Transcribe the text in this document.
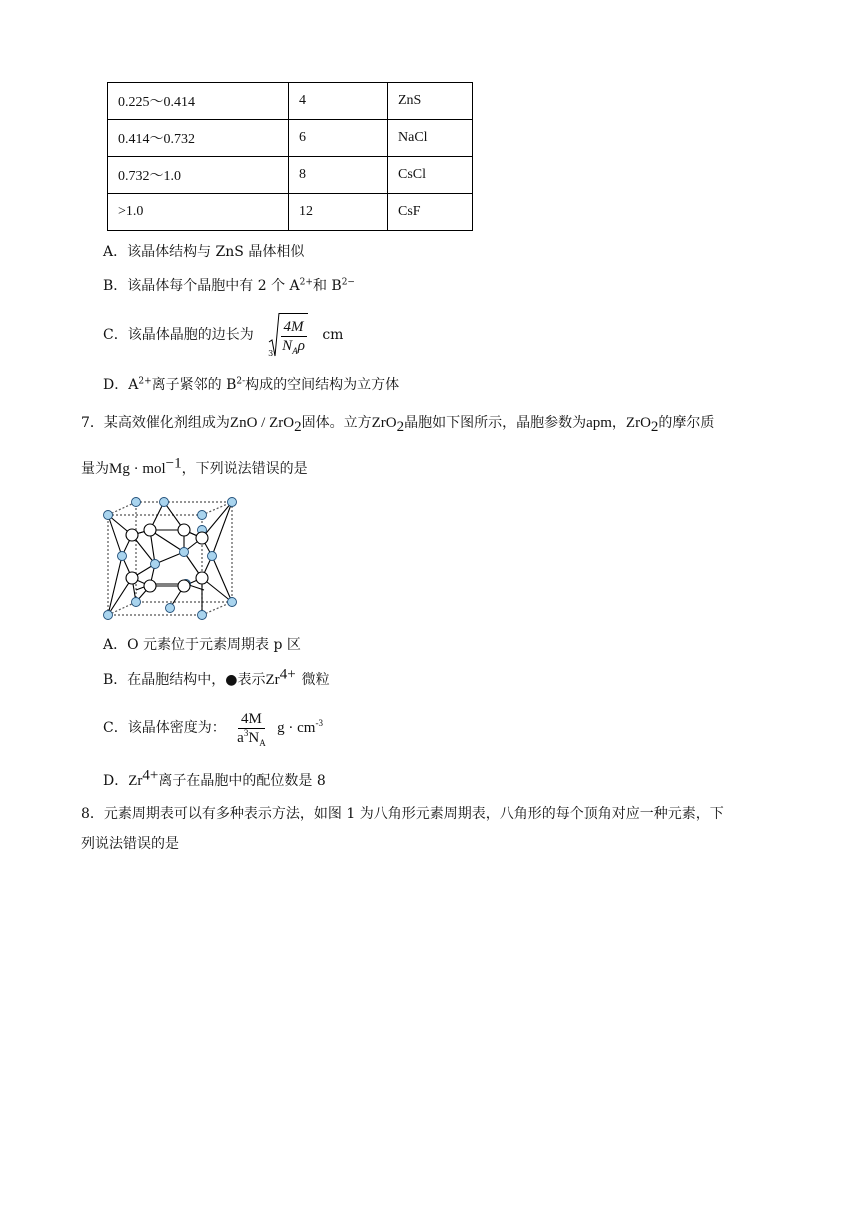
0.225～0.414	4	ZnS
0.414～0.732	6	NaCl
0.732～1.0	8	CsCl
>1.0	12	CsF
A．该晶体结构与 ZnS 晶体相似
B．该晶体每个晶胞中有 2 个 $A^{2+}$和 $B^{2-}$
C．该晶体晶胞的边长为
$3 \frac{4M}{N_A\rho}$ cm
D．$A^{2+}$离子紧邻的 $B^{2-}$构成的空间结构为立方体
7．某高效催化剂组成为ZnO / ZrO$_2$固体。立方ZrO$_2$晶胞如下图所示，晶胞参数为apm，ZrO$_2$的摩尔质
量为Mg · mol$^{-1}$，下列说法错误的是
A．O 元素位于元素周期表 p 区
B．在晶胞结构中，●表示$Zr^{4+}$ 微粒
C．该晶体密度为： $\frac{4M}{a^3N_A}$ $g \cdot cm^{-3}$
D．$Zr^{4+}$离子在晶胞中的配位数是 8
8．元素周期表可以有多种表示方法，如图 1 为八角形元素周期表，八角形的每个顶角对应一种元素，下
列说法错误的是
